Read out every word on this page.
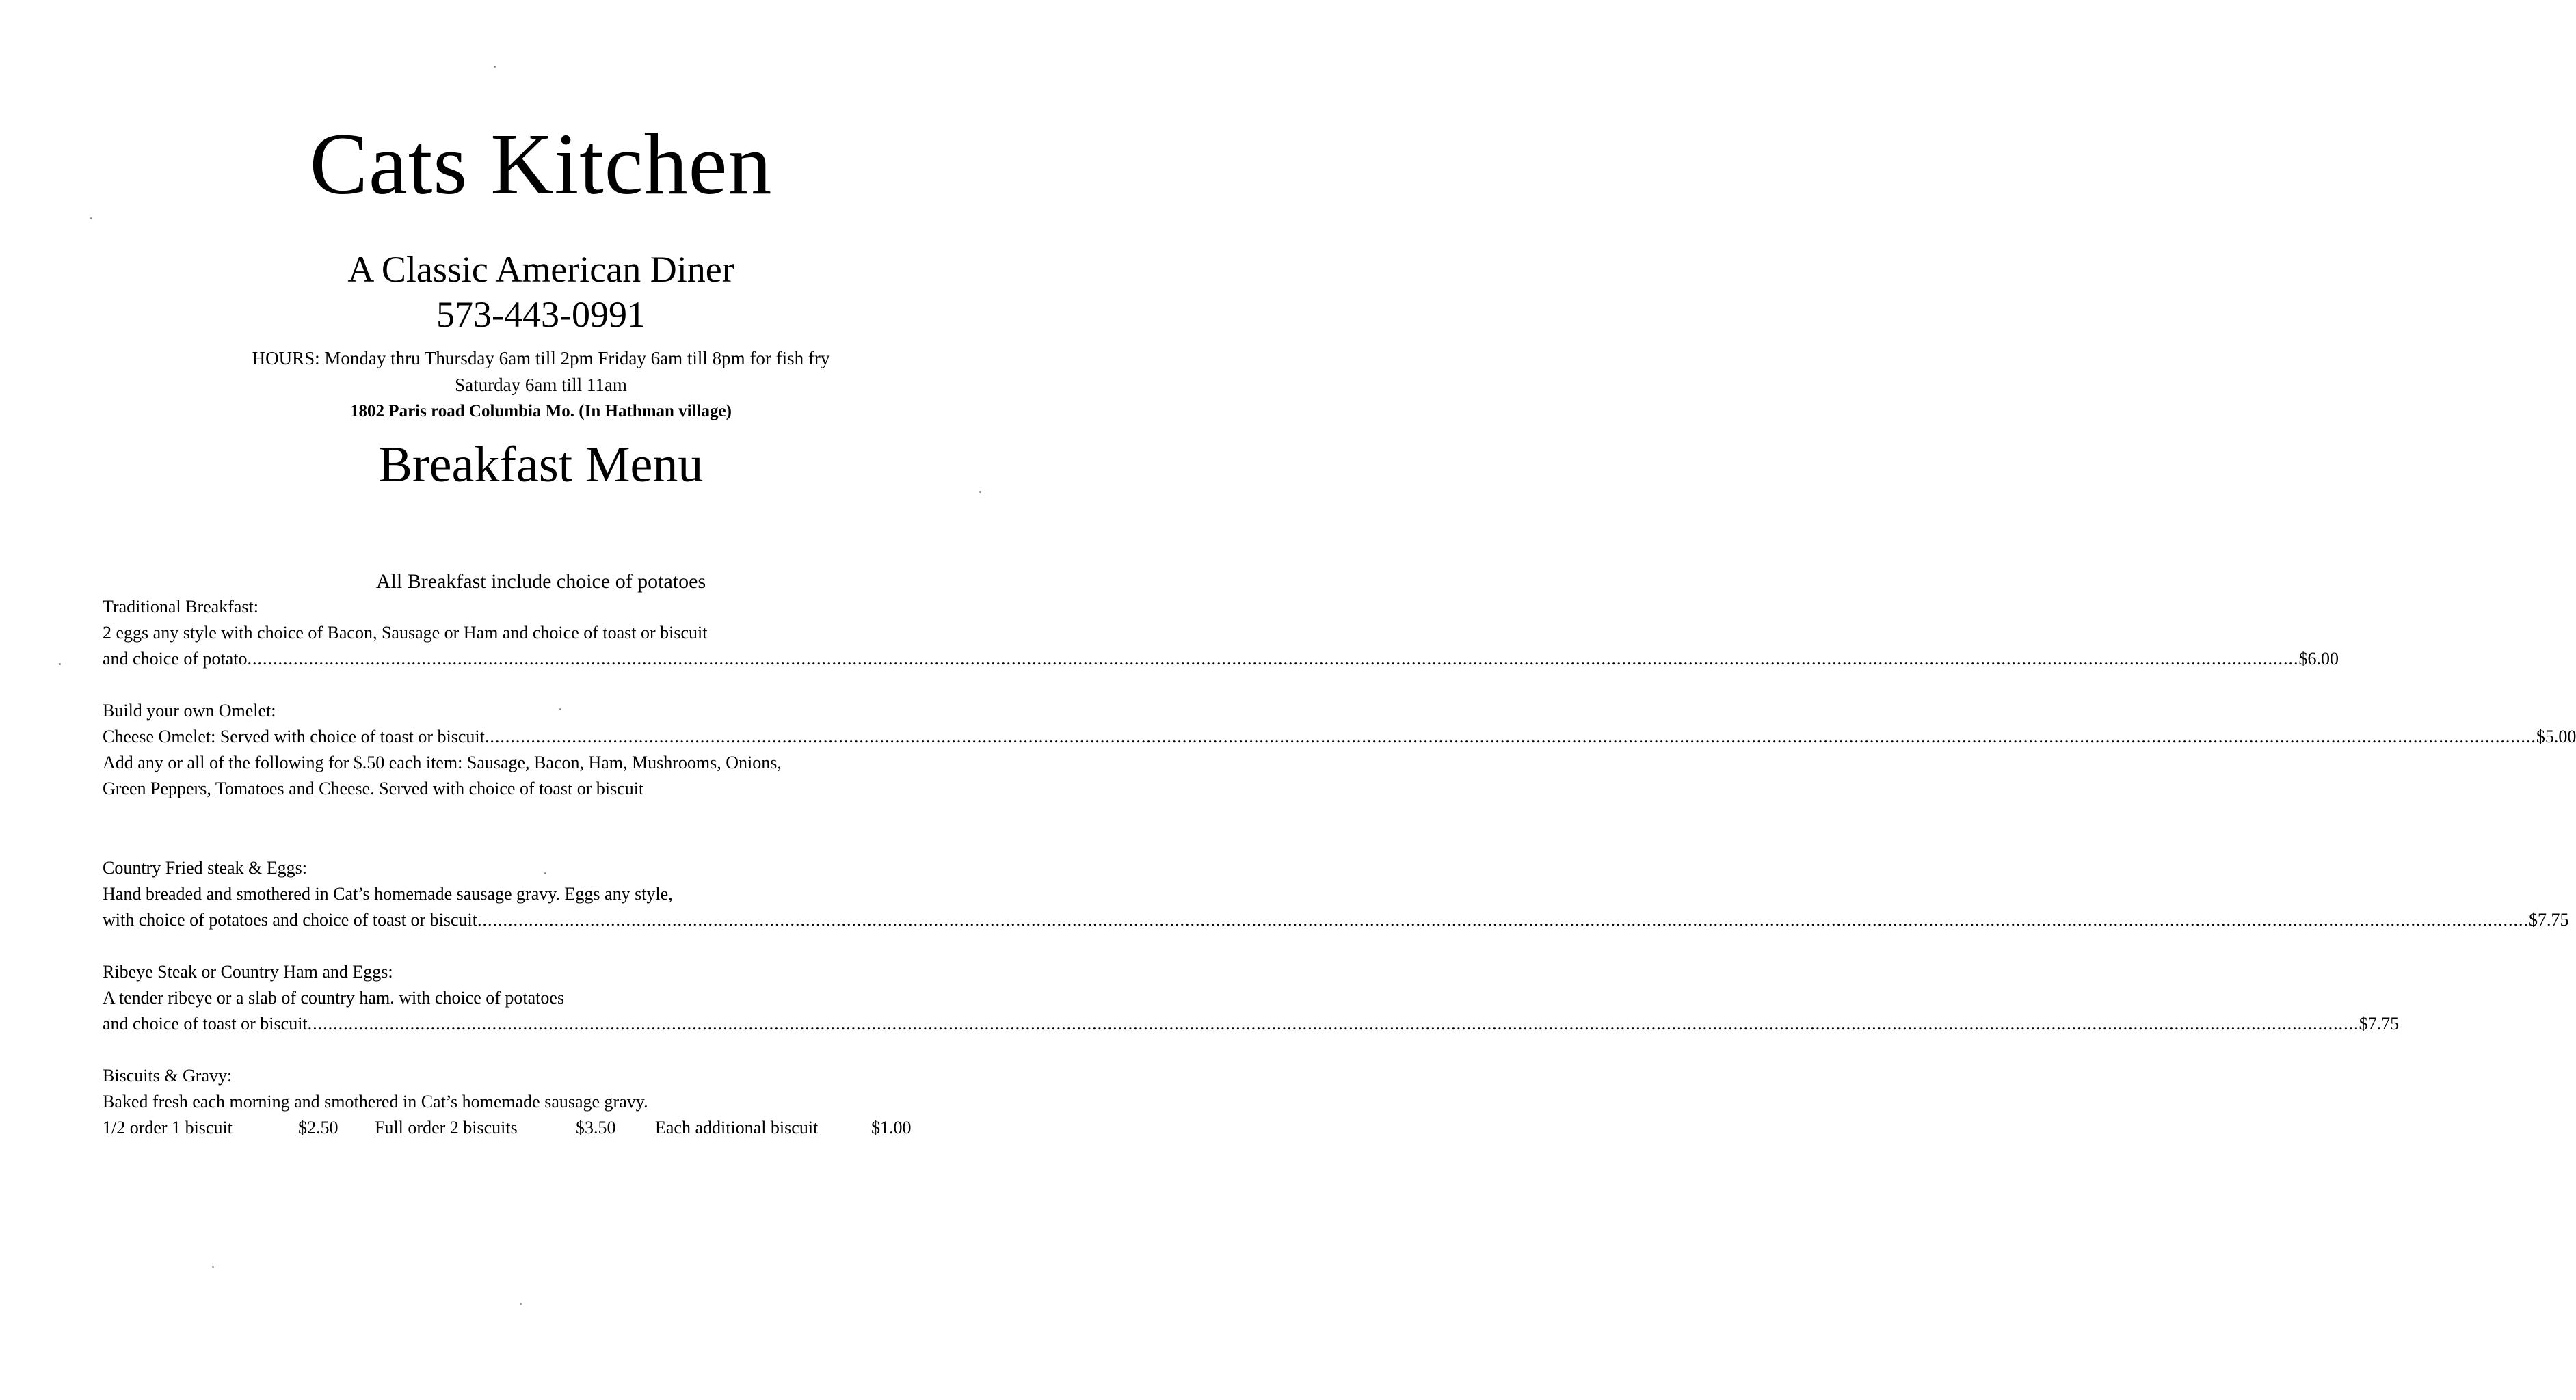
Cats Kitchen
A Classic American Diner
573-443-0991
HOURS: Monday thru Thursday 6am till 2pm Friday 6am till 8pm for fish fry
Saturday 6am till 11am
1802 Paris road Columbia Mo. (In Hathman village)
Breakfast Menu
All Breakfast include choice of potatoes
Traditional Breakfast:
2 eggs any style with choice of Bacon, Sausage or Ham and choice of toast or biscuit
and choice of potato ................................................................................................................................................................................................................................................................................................................................................................................................................ $6.00
Build your own Omelet:
Cheese Omelet: Served with choice of toast or biscuit ................................................................................................................................................................................................................................................................................................................................................................................................................ $5.00
Add any or all of the following for $.50 each item: Sausage, Bacon, Ham, Mushrooms, Onions,
Green Peppers, Tomatoes and Cheese. Served with choice of toast or biscuit
Country Fried steak & Eggs:
Hand breaded and smothered in Cat’s homemade sausage gravy. Eggs any style,
with choice of potatoes and choice of toast or biscuit ................................................................................................................................................................................................................................................................................................................................................................................................................ $7.75
Ribeye Steak or Country Ham and Eggs:
A tender ribeye or a slab of country ham. with choice of potatoes
and choice of toast or biscuit ................................................................................................................................................................................................................................................................................................................................................................................................................ $7.75
Biscuits & Gravy:
Baked fresh each morning and smothered in Cat’s homemade sausage gravy.
1/2 order 1 biscuit	$2.50 Full order 2 biscuits	$3.50 Each additional biscuit	$1.00
